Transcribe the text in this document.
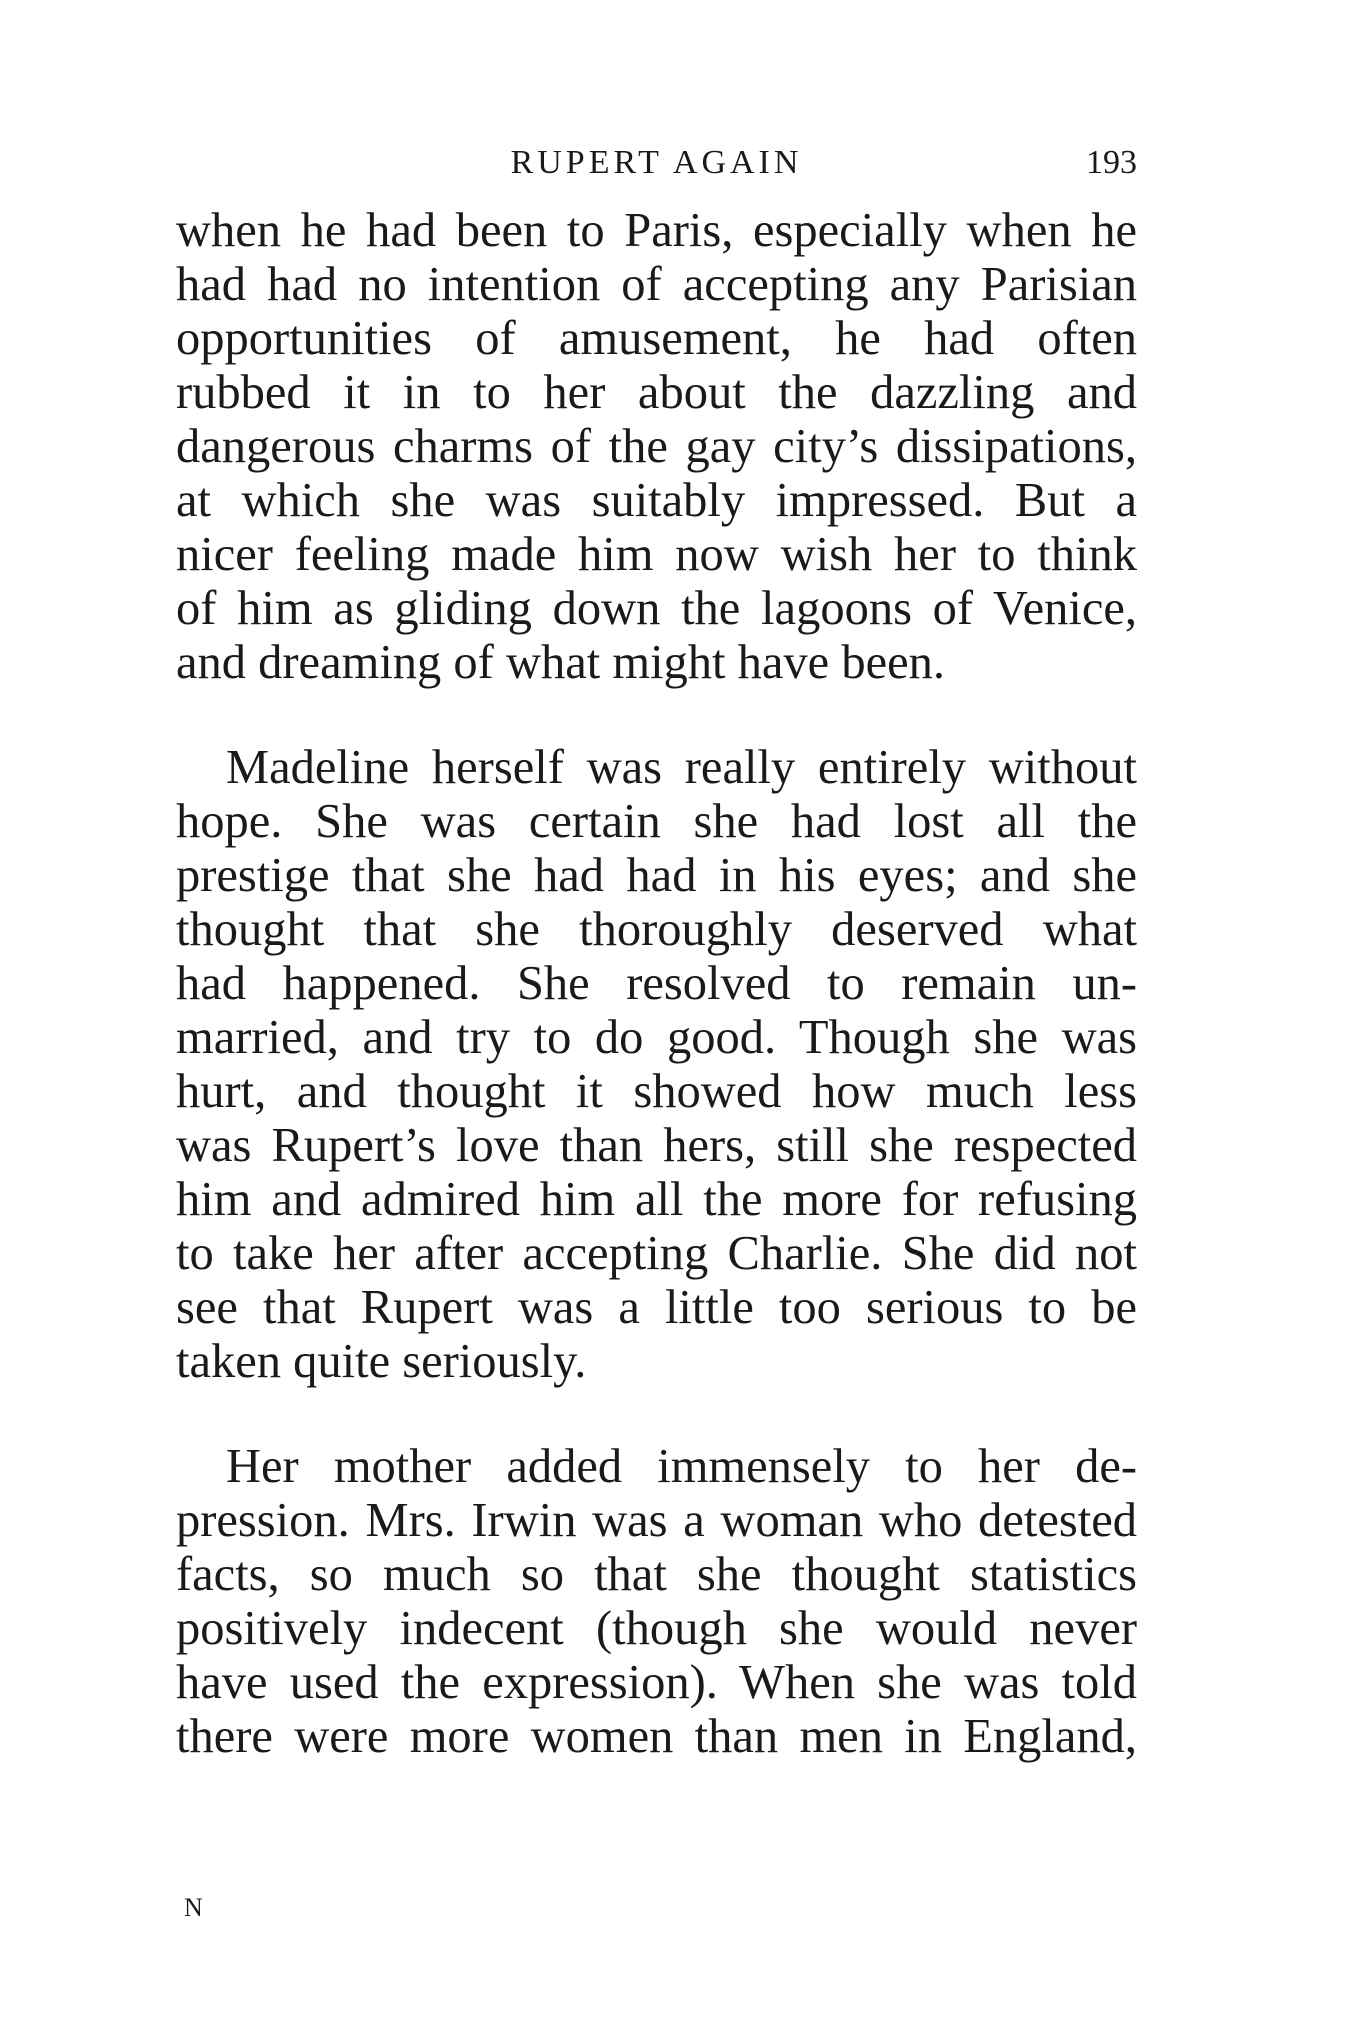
RUPERT AGAIN	193
when he had been to Paris, especially when he
had had no intention of accepting any Parisian
opportunities of amusement, he had often
rubbed it in to her about the dazzling and
dangerous charms of the gay city’s dissipations,
at which she was suitably impressed. But a
nicer feeling made him now wish her to think
of him as gliding down the lagoons of Venice,
and dreaming of what might have been.
Madeline herself was really entirely without
hope. She was certain she had lost all the
prestige that she had had in his eyes; and she
thought that she thoroughly deserved what
had happened. She resolved to remain un-
married, and try to do good. Though she was
hurt, and thought it showed how much less
was Rupert’s love than hers, still she respected
him and admired him all the more for refusing
to take her after accepting Charlie. She did not
see that Rupert was a little too serious to be
taken quite seriously.
Her mother added immensely to her de-
pression. Mrs. Irwin was a woman who detested
facts, so much so that she thought statistics
positively indecent (though she would never
have used the expression). When she was told
there were more women than men in England,
N
